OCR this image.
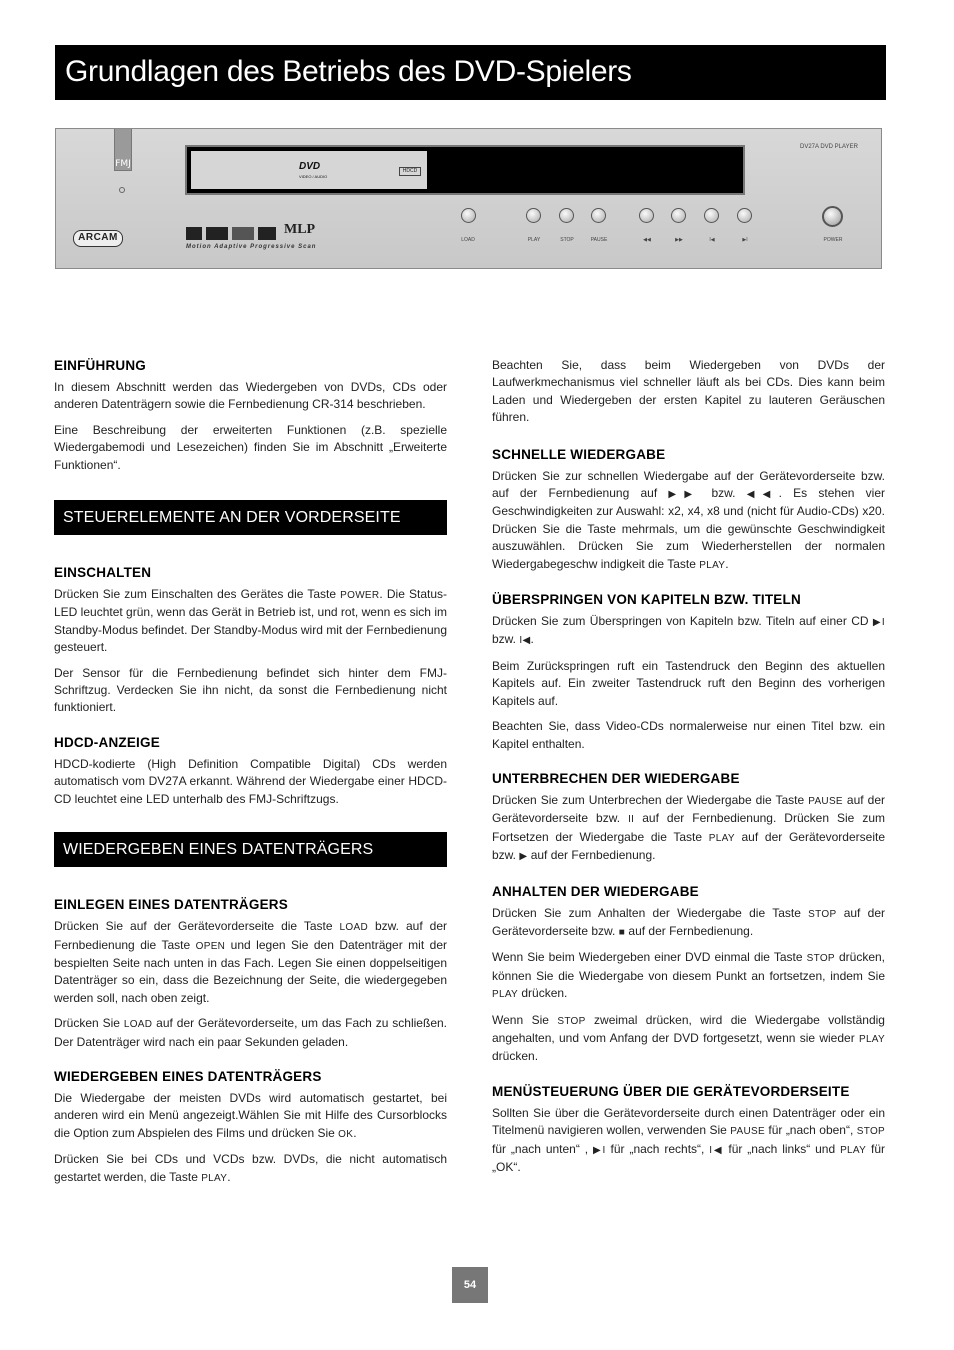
Grundlagen des Betriebs des DVD-Spielers
FMJ
ARCAM
DVD
VIDEO / AUDIO
HDCD
MLP
Motion Adaptive Progressive Scan
DV27A DVD PLAYER
LOAD	PLAY	STOP	PAUSE	◀◀	▶▶	I◀	▶I	POWER
EINFÜHRUNG

In diesem Abschnitt werden das Wiedergeben von DVDs, CDs oder anderen Datenträgern sowie die Fernbedienung CR-314 beschrieben.

Eine Beschreibung der erweiterten Funktionen (z.B. spezielle Wiedergabemodi und Lesezeichen) finden Sie im Abschnitt „Erweiterte Funktionen“.

STEUERELEMENTE AN DER VORDERSEITE
EINSCHALTEN

Drücken Sie zum Einschalten des Gerätes die Taste POWER. Die Status-LED leuchtet grün, wenn das Gerät in Betrieb ist, und rot, wenn es sich im Standby-Modus befindet. Der Standby-Modus wird mit der Fernbedienung gesteuert.

Der Sensor für die Fernbedienung befindet sich hinter dem FMJ-Schriftzug. Verdecken Sie ihn nicht, da sonst die Fernbedienung nicht funktioniert.

HDCD-ANZEIGE

HDCD-kodierte (High Definition Compatible Digital) CDs werden automatisch vom DV27A erkannt. Während der Wiedergabe einer HDCD-CD leuchtet eine LED unterhalb des FMJ-Schriftzugs.

WIEDERGEBEN EINES DATENTRÄGERS
EINLEGEN EINES DATENTRÄGERS

Drücken Sie auf der Gerätevorderseite die Taste LOAD bzw. auf der Fernbedienung die Taste OPEN und legen Sie den Datenträger mit der bespielten Seite nach unten in das Fach. Legen Sie einen doppelseitigen Datenträger so ein, dass die Bezeichnung der Seite, die wiedergegeben werden soll, nach oben zeigt.

Drücken Sie LOAD auf der Gerätevorderseite, um das Fach zu schließen. Der Datenträger wird nach ein paar Sekunden geladen.

WIEDERGEBEN EINES DATENTRÄGERS

Die Wiedergabe der meisten DVDs wird automatisch gestartet, bei anderen wird ein Menü angezeigt.Wählen Sie mit Hilfe des Cursorblocks die Option zum Abspielen des Films und drücken Sie OK.

Drücken Sie bei CDs und VCDs bzw. DVDs, die nicht automatisch gestartet werden, die Taste PLAY.

Beachten Sie, dass beim Wiedergeben von DVDs der Laufwerkmechanismus viel schneller läuft als bei CDs. Dies kann beim Laden und Wiedergeben der ersten Kapitel zu lauteren Geräuschen führen.

SCHNELLE WIEDERGABE

Drücken Sie zur schnellen Wiedergabe auf der Gerätevorderseite bzw. auf der Fernbedienung auf ▶▶ bzw. ◀◀. Es stehen vier Geschwindigkeiten zur Auswahl: x2, x4, x8 und (nicht für Audio-CDs) x20. Drücken Sie die Taste mehrmals, um die gewünschte Geschwindigkeit auszuwählen. Drücken Sie zum Wiederherstellen der normalen Wiedergabegeschw indigkeit die Taste PLAY.

ÜBERSPRINGEN VON KAPITELN BZW. TITELN

Drücken Sie zum Überspringen von Kapiteln bzw. Titeln auf einer CD ▶I bzw. I◀.

Beim Zurückspringen ruft ein Tastendruck den Beginn des aktuellen Kapitels auf. Ein zweiter Tastendruck ruft den Beginn des vorherigen Kapitels auf.

Beachten Sie, dass Video-CDs normalerweise nur einen Titel bzw. ein Kapitel enthalten.

UNTERBRECHEN DER WIEDERGABE

Drücken Sie zum Unterbrechen der Wiedergabe die Taste PAUSE auf der Gerätevorderseite bzw. II auf der Fernbedienung. Drücken Sie zum Fortsetzen der Wiedergabe die Taste PLAY auf der Gerätevorderseite bzw. ▶ auf der Fernbedienung.

ANHALTEN DER WIEDERGABE

Drücken Sie zum Anhalten der Wiedergabe die Taste STOP auf der Gerätevorderseite bzw. ■ auf der Fernbedienung.

Wenn Sie beim Wiedergeben einer DVD einmal die Taste STOP drücken, können Sie die Wiedergabe von diesem Punkt an fortsetzen, indem Sie PLAY drücken.

Wenn Sie STOP zweimal drücken, wird die Wiedergabe vollständig angehalten, und vom Anfang der DVD fortgesetzt, wenn sie wieder PLAY drücken.

MENÜSTEUERUNG ÜBER DIE GERÄTEVORDERSEITE

Sollten Sie über die Gerätevorderseite durch einen Datenträger oder ein Titelmenü navigieren wollen, verwenden Sie PAUSE für „nach oben“, STOP für „nach unten“ , ▶I für „nach rechts“, I◀ für „nach links“ und PLAY für „OK“.

54
